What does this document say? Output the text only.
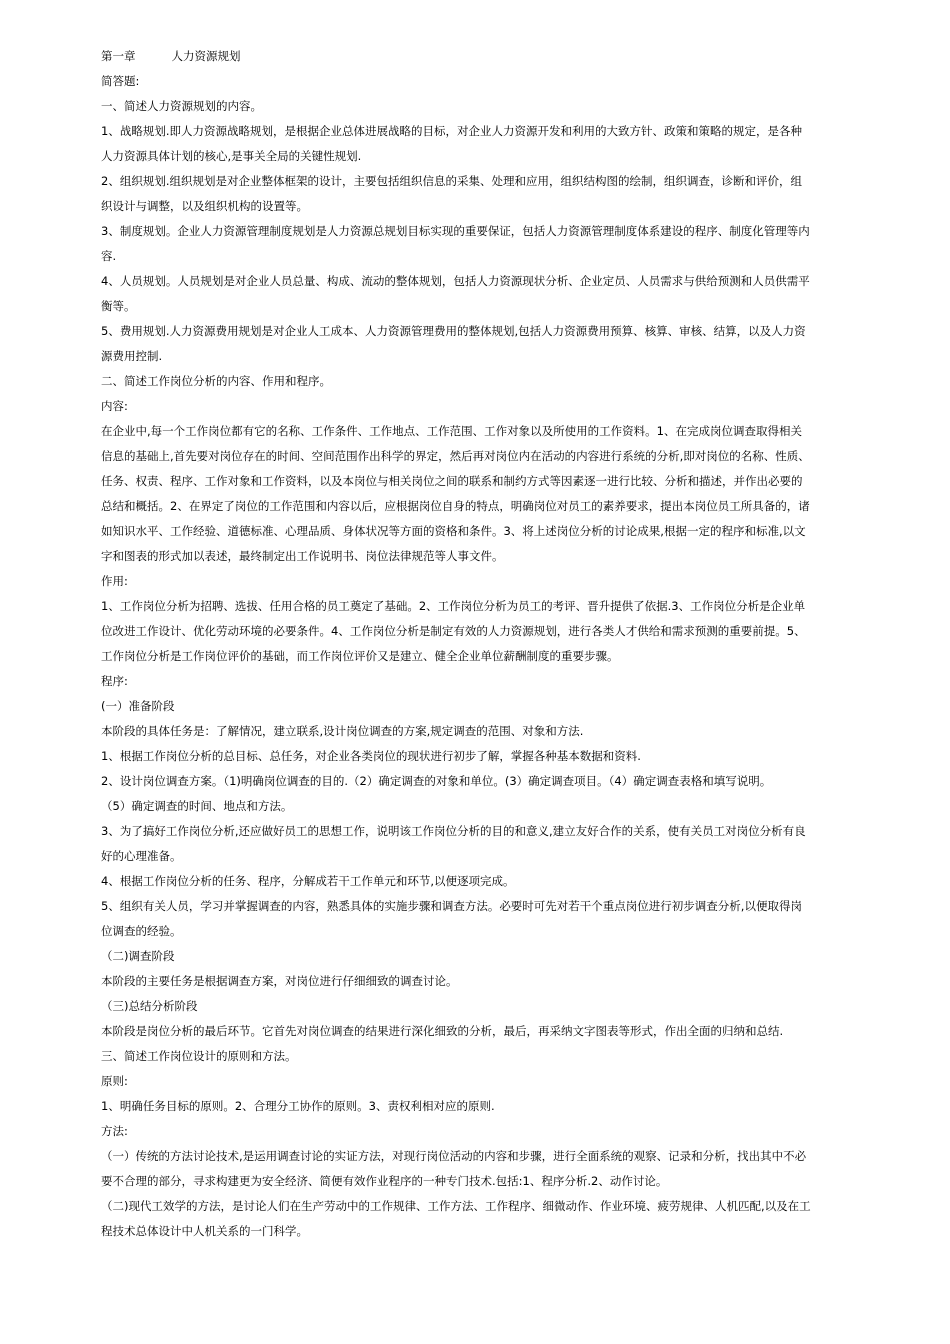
第一章	人力资源规划
简答题:
一、简述人力资源规划的内容。
1、战略规划.即人力资源战略规划，是根据企业总体进展战略的目标，对企业人力资源开发和利用的大致方针、政策和策略的规定，是各种
人力资源具体计划的核心,是事关全局的关键性规划.
2、组织规划.组织规划是对企业整体框架的设计，主要包括组织信息的采集、处理和应用，组织结构图的绘制，组织调查，诊断和评价，组
织设计与调整，以及组织机构的设置等。
3、制度规划。企业人力资源管理制度规划是人力资源总规划目标实现的重要保证，包括人力资源管理制度体系建设的程序、制度化管理等内
容.
4、人员规划。人员规划是对企业人员总量、构成、流动的整体规划，包括人力资源现状分析、企业定员、人员需求与供给预测和人员供需平
衡等。
5、费用规划.人力资源费用规划是对企业人工成本、人力资源管理费用的整体规划,包括人力资源费用预算、核算、审核、结算，以及人力资
源费用控制.
二、简述工作岗位分析的内容、作用和程序。
内容:
在企业中,每一个工作岗位都有它的名称、工作条件、工作地点、工作范围、工作对象以及所使用的工作资料。1、在完成岗位调查取得相关
信息的基础上,首先要对岗位存在的时间、空间范围作出科学的界定，然后再对岗位内在活动的内容进行系统的分析,即对岗位的名称、性质、
任务、权责、程序、工作对象和工作资料，以及本岗位与相关岗位之间的联系和制约方式等因素逐一进行比较、分析和描述，并作出必要的
总结和概括。2、在界定了岗位的工作范围和内容以后，应根据岗位自身的特点，明确岗位对员工的素养要求，提出本岗位员工所具备的，诸
如知识水平、工作经验、道德标准、心理品质、身体状况等方面的资格和条件。3、将上述岗位分析的讨论成果,根据一定的程序和标准,以文
字和图表的形式加以表述，最终制定出工作说明书、岗位法律规范等人事文件。
作用:
1、工作岗位分析为招聘、选拔、任用合格的员工奠定了基础。2、工作岗位分析为员工的考评、晋升提供了依据.3、工作岗位分析是企业单
位改进工作设计、优化劳动环境的必要条件。4、工作岗位分析是制定有效的人力资源规划，进行各类人才供给和需求预测的重要前提。5、
工作岗位分析是工作岗位评价的基础，而工作岗位评价又是建立、健全企业单位薪酬制度的重要步骤。
程序:
(一）准备阶段
本阶段的具体任务是：了解情况，建立联系,设计岗位调查的方案,规定调查的范围、对象和方法.
1、根据工作岗位分析的总目标、总任务，对企业各类岗位的现状进行初步了解，掌握各种基本数据和资料.
2、设计岗位调查方案。（1)明确岗位调查的目的.（2）确定调查的对象和单位。(3）确定调查项目。（4）确定调查表格和填写说明。
（5）确定调查的时间、地点和方法。
3、为了搞好工作岗位分析,还应做好员工的思想工作，说明该工作岗位分析的目的和意义,建立友好合作的关系，使有关员工对岗位分析有良
好的心理准备。
4、根据工作岗位分析的任务、程序，分解成若干工作单元和环节,以便逐项完成。
5、组织有关人员，学习并掌握调查的内容，熟悉具体的实施步骤和调查方法。必要时可先对若干个重点岗位进行初步调查分析,以便取得岗
位调查的经验。
（二)调查阶段
本阶段的主要任务是根据调查方案，对岗位进行仔细细致的调查讨论。
（三)总结分析阶段
本阶段是岗位分析的最后环节。它首先对岗位调查的结果进行深化细致的分析，最后，再采纳文字图表等形式，作出全面的归纳和总结.
三、简述工作岗位设计的原则和方法。
原则:
1、明确任务目标的原则。2、合理分工协作的原则。3、责权利相对应的原则.
方法:
（一）传统的方法讨论技术,是运用调查讨论的实证方法，对现行岗位活动的内容和步骤，进行全面系统的观察、记录和分析，找出其中不必
要不合理的部分，寻求构建更为安全经济、简便有效作业程序的一种专门技术.包括:1、程序分析.2、动作讨论。
（二)现代工效学的方法，是讨论人们在生产劳动中的工作规律、工作方法、工作程序、细微动作、作业环境、疲劳规律、人机匹配,以及在工
程技术总体设计中人机关系的一门科学。
